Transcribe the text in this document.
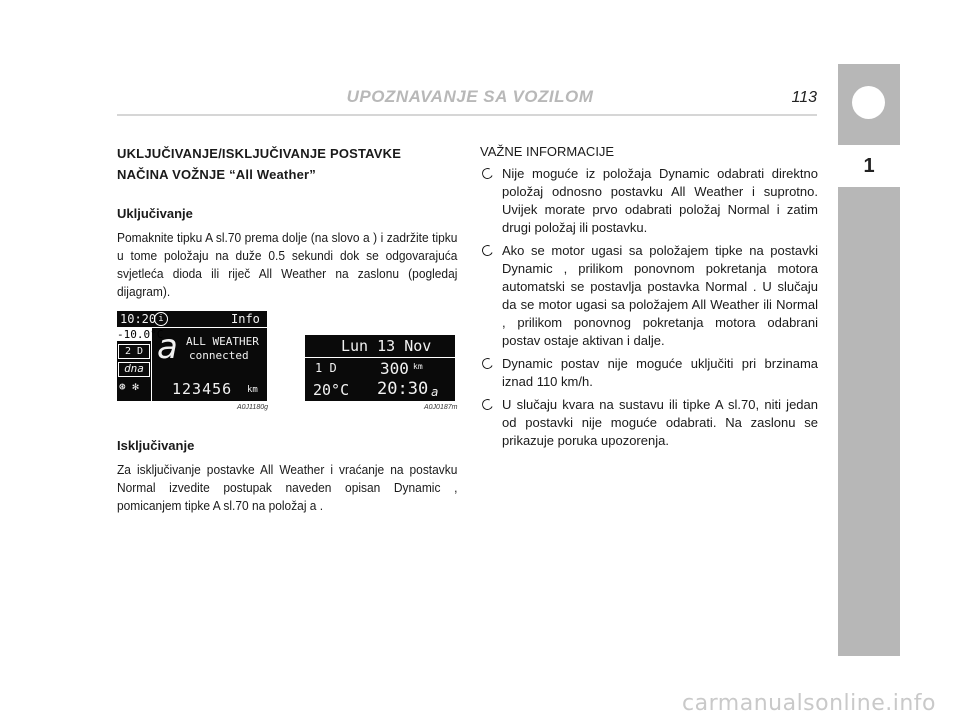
UPOZNAVANJE SA VOZILOM	113
1
UKLJUČIVANJE/ISKLJUČIVANJE POSTAVKE
NAČINA VOŽNJE “All Weather”
Uključivanje

Pomaknite tipku A sl.70 prema dolje (na slovo a ) i zadržite tipku u tome položaju na duže 0.5 sekundi dok se odgovarajuća svjetleća dioda ili riječ All Weather na zaslonu (pogledaj dijagram).

10:20 i	Info
-10.0°C
2 D
dna
⊛ ✻
a ALL WEATHER
connected
123456 km
A0J1180g
Lun 13 Nov
1 D	300 km
20°C 20:30 a
A0J0187m
Isključivanje

Za isključivanje postavke All Weather i vraćanje na postavku Normal izvedite postupak naveden opisan Dynamic , pomicanjem tipke A sl.70 na položaj a .

VAŽNE INFORMACIJE
Nije moguće iz položaja Dynamic odabrati direktno položaj odnosno postavku All Weather i suprotno. Uvijek morate prvo odabrati položaj Normal i zatim drugi položaj ili postavku.
Ako se motor ugasi sa položajem tipke na postavki Dynamic , prilikom ponovnom pokretanja motora automatski se postavlja postavka Normal . U slučaju da se motor ugasi sa položajem All Weather ili Normal , prilikom ponovnog pokretanja motora odabrani postav ostaje aktivan i dalje.
Dynamic postav nije moguće uključiti pri brzinama iznad 110 km/h.
U slučaju kvara na sustavu ili tipke A sl.70, niti jedan od postavki nije moguće odabrati. Na zaslonu se prikazuje poruka upozorenja.
carmanualsonline.info
